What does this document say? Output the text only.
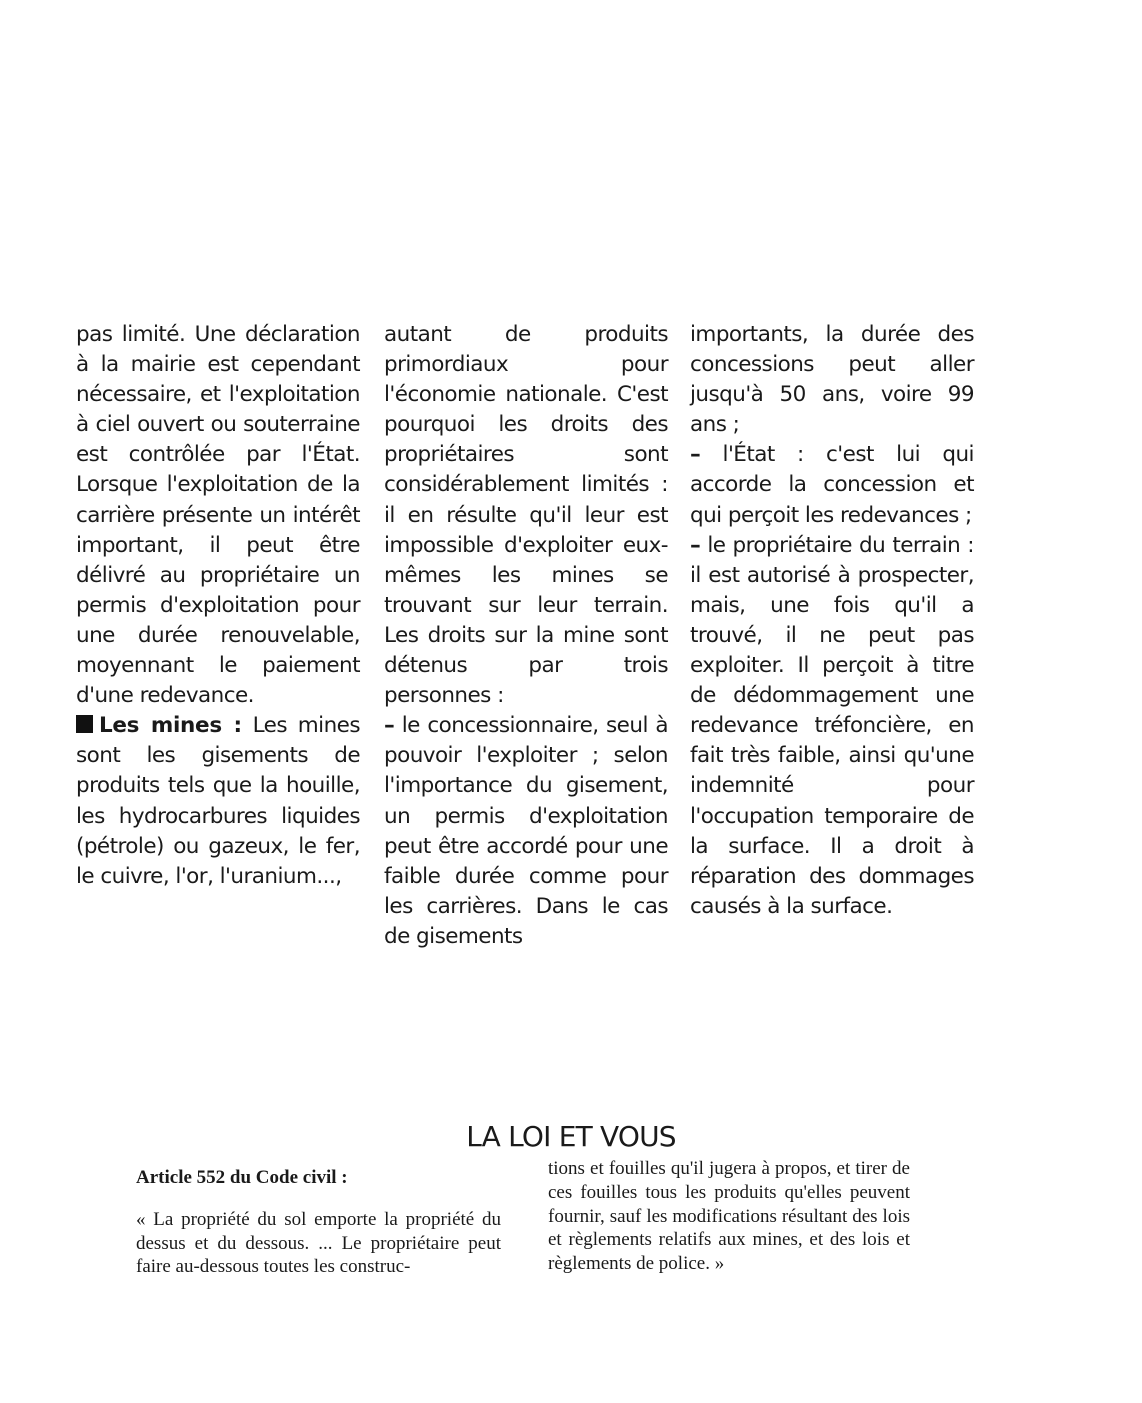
pas limité. Une déclaration à la mairie est cependant nécessaire, et l'exploitation à ciel ouvert ou souterraine est contrôlée par l'État. Lorsque l'exploitation de la carrière présente un intérêt important, il peut être délivré au propriétaire un permis d'exploitation pour une durée renouvelable, moyennant le paiement d'une redevance.

Les mines : Les mines sont les gisements de produits tels que la houille, les hydrocarbures liquides (pétrole) ou gazeux, le fer, le cuivre, l'or, l'uranium...,

autant de produits primordiaux pour l'économie nationale. C'est pourquoi les droits des propriétaires sont considérablement limités : il en résulte qu'il leur est impossible d'exploiter eux-mêmes les mines se trouvant sur leur terrain. Les droits sur la mine sont détenus par trois personnes :

– le concessionnaire, seul à pouvoir l'exploiter ; selon l'importance du gisement, un permis d'exploitation peut être accordé pour une faible durée comme pour les carrières. Dans le cas de gisements

importants, la durée des concessions peut aller jusqu'à 50 ans, voire 99 ans ;

– l'État : c'est lui qui accorde la concession et qui perçoit les redevances ;

– le propriétaire du terrain : il est autorisé à prospecter, mais, une fois qu'il a trouvé, il ne peut pas exploiter. Il perçoit à titre de dédommagement une redevance tréfoncière, en fait très faible, ainsi qu'une indemnité pour l'occupation temporaire de la surface. Il a droit à réparation des dommages causés à la surface.

LA LOI ET VOUS

Article 552 du Code civil :

« La propriété du sol emporte la propriété du dessus et du dessous. ... Le propriétaire peut faire au-dessous toutes les construc-

tions et fouilles qu'il jugera à propos, et tirer de ces fouilles tous les produits qu'elles peuvent fournir, sauf les modifications résultant des lois et règlements relatifs aux mines, et des lois et règlements de police. »
